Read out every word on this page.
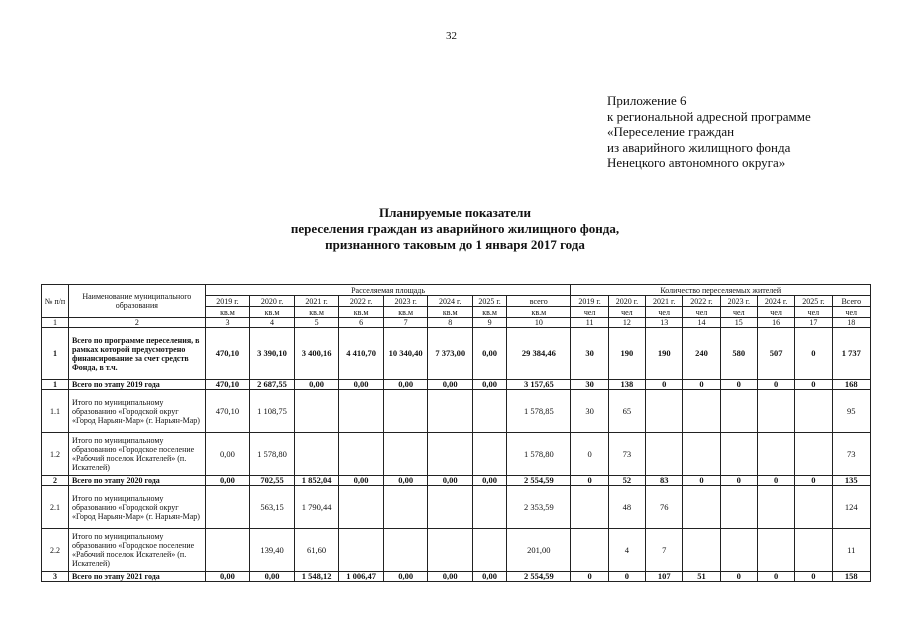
32
Приложение 6
к региональной адресной программе
«Переселение граждан
из аварийного жилищного фонда
Ненецкого автономного округа»
Планируемые показатели
переселения граждан из аварийного жилищного фонда,
признанного таковым до 1 января 2017 года
№ п/п	Наименование муниципального образования	Расселяемая площадь								Количество переселяемых жителей							
		2019 г.	2020 г.	2021 г.	2022 г.	2023 г.	2024 г.	2025 г.	всего	2019 г.	2020 г.	2021 г.	2022 г.	2023 г.	2024 г.	2025 г.	Всего
		кв.м	кв.м	кв.м	кв.м	кв.м	кв.м	кв.м	кв.м	чел	чел	чел	чел	чел	чел	чел	чел
1	2	3	4	5	6	7	8	9	10	11	12	13	14	15	16	17	18
1	Всего по программе переселения, в рамках которой предусмотрено финансирование за счет средств Фонда, в т.ч.	470,10	3 390,10	3 400,16	4 410,70	10 340,40	7 373,00	0,00	29 384,46	30	190	190	240	580	507	0	1 737
1	Всего по этапу 2019 года	470,10	2 687,55	0,00	0,00	0,00	0,00	0,00	3 157,65	30	138	0	0	0	0	0	168
1.1	Итого по муниципальному образованию «Городской округ «Город Нарьян-Мар» (г. Нарьян-Мар)	470,10	1 108,75						1 578,85	30	65						95
1.2	Итого по муниципальному образованию «Городское поселение «Рабочий поселок Искателей» (п. Искателей)	0,00	1 578,80						1 578,80	0	73						73
2	Всего по этапу 2020 года	0,00	702,55	1 852,04	0,00	0,00	0,00	0,00	2 554,59	0	52	83	0	0	0	0	135
2.1	Итого по муниципальному образованию «Городской округ «Город Нарьян-Мар» (г. Нарьян-Мар)		563,15	1 790,44					2 353,59		48	76					124
2.2	Итого по муниципальному образованию «Городское поселение «Рабочий поселок Искателей» (п. Искателей)		139,40	61,60					201,00		4	7					11
3	Всего по этапу 2021 года	0,00	0,00	1 548,12	1 006,47	0,00	0,00	0,00	2 554,59	0	0	107	51	0	0	0	158
